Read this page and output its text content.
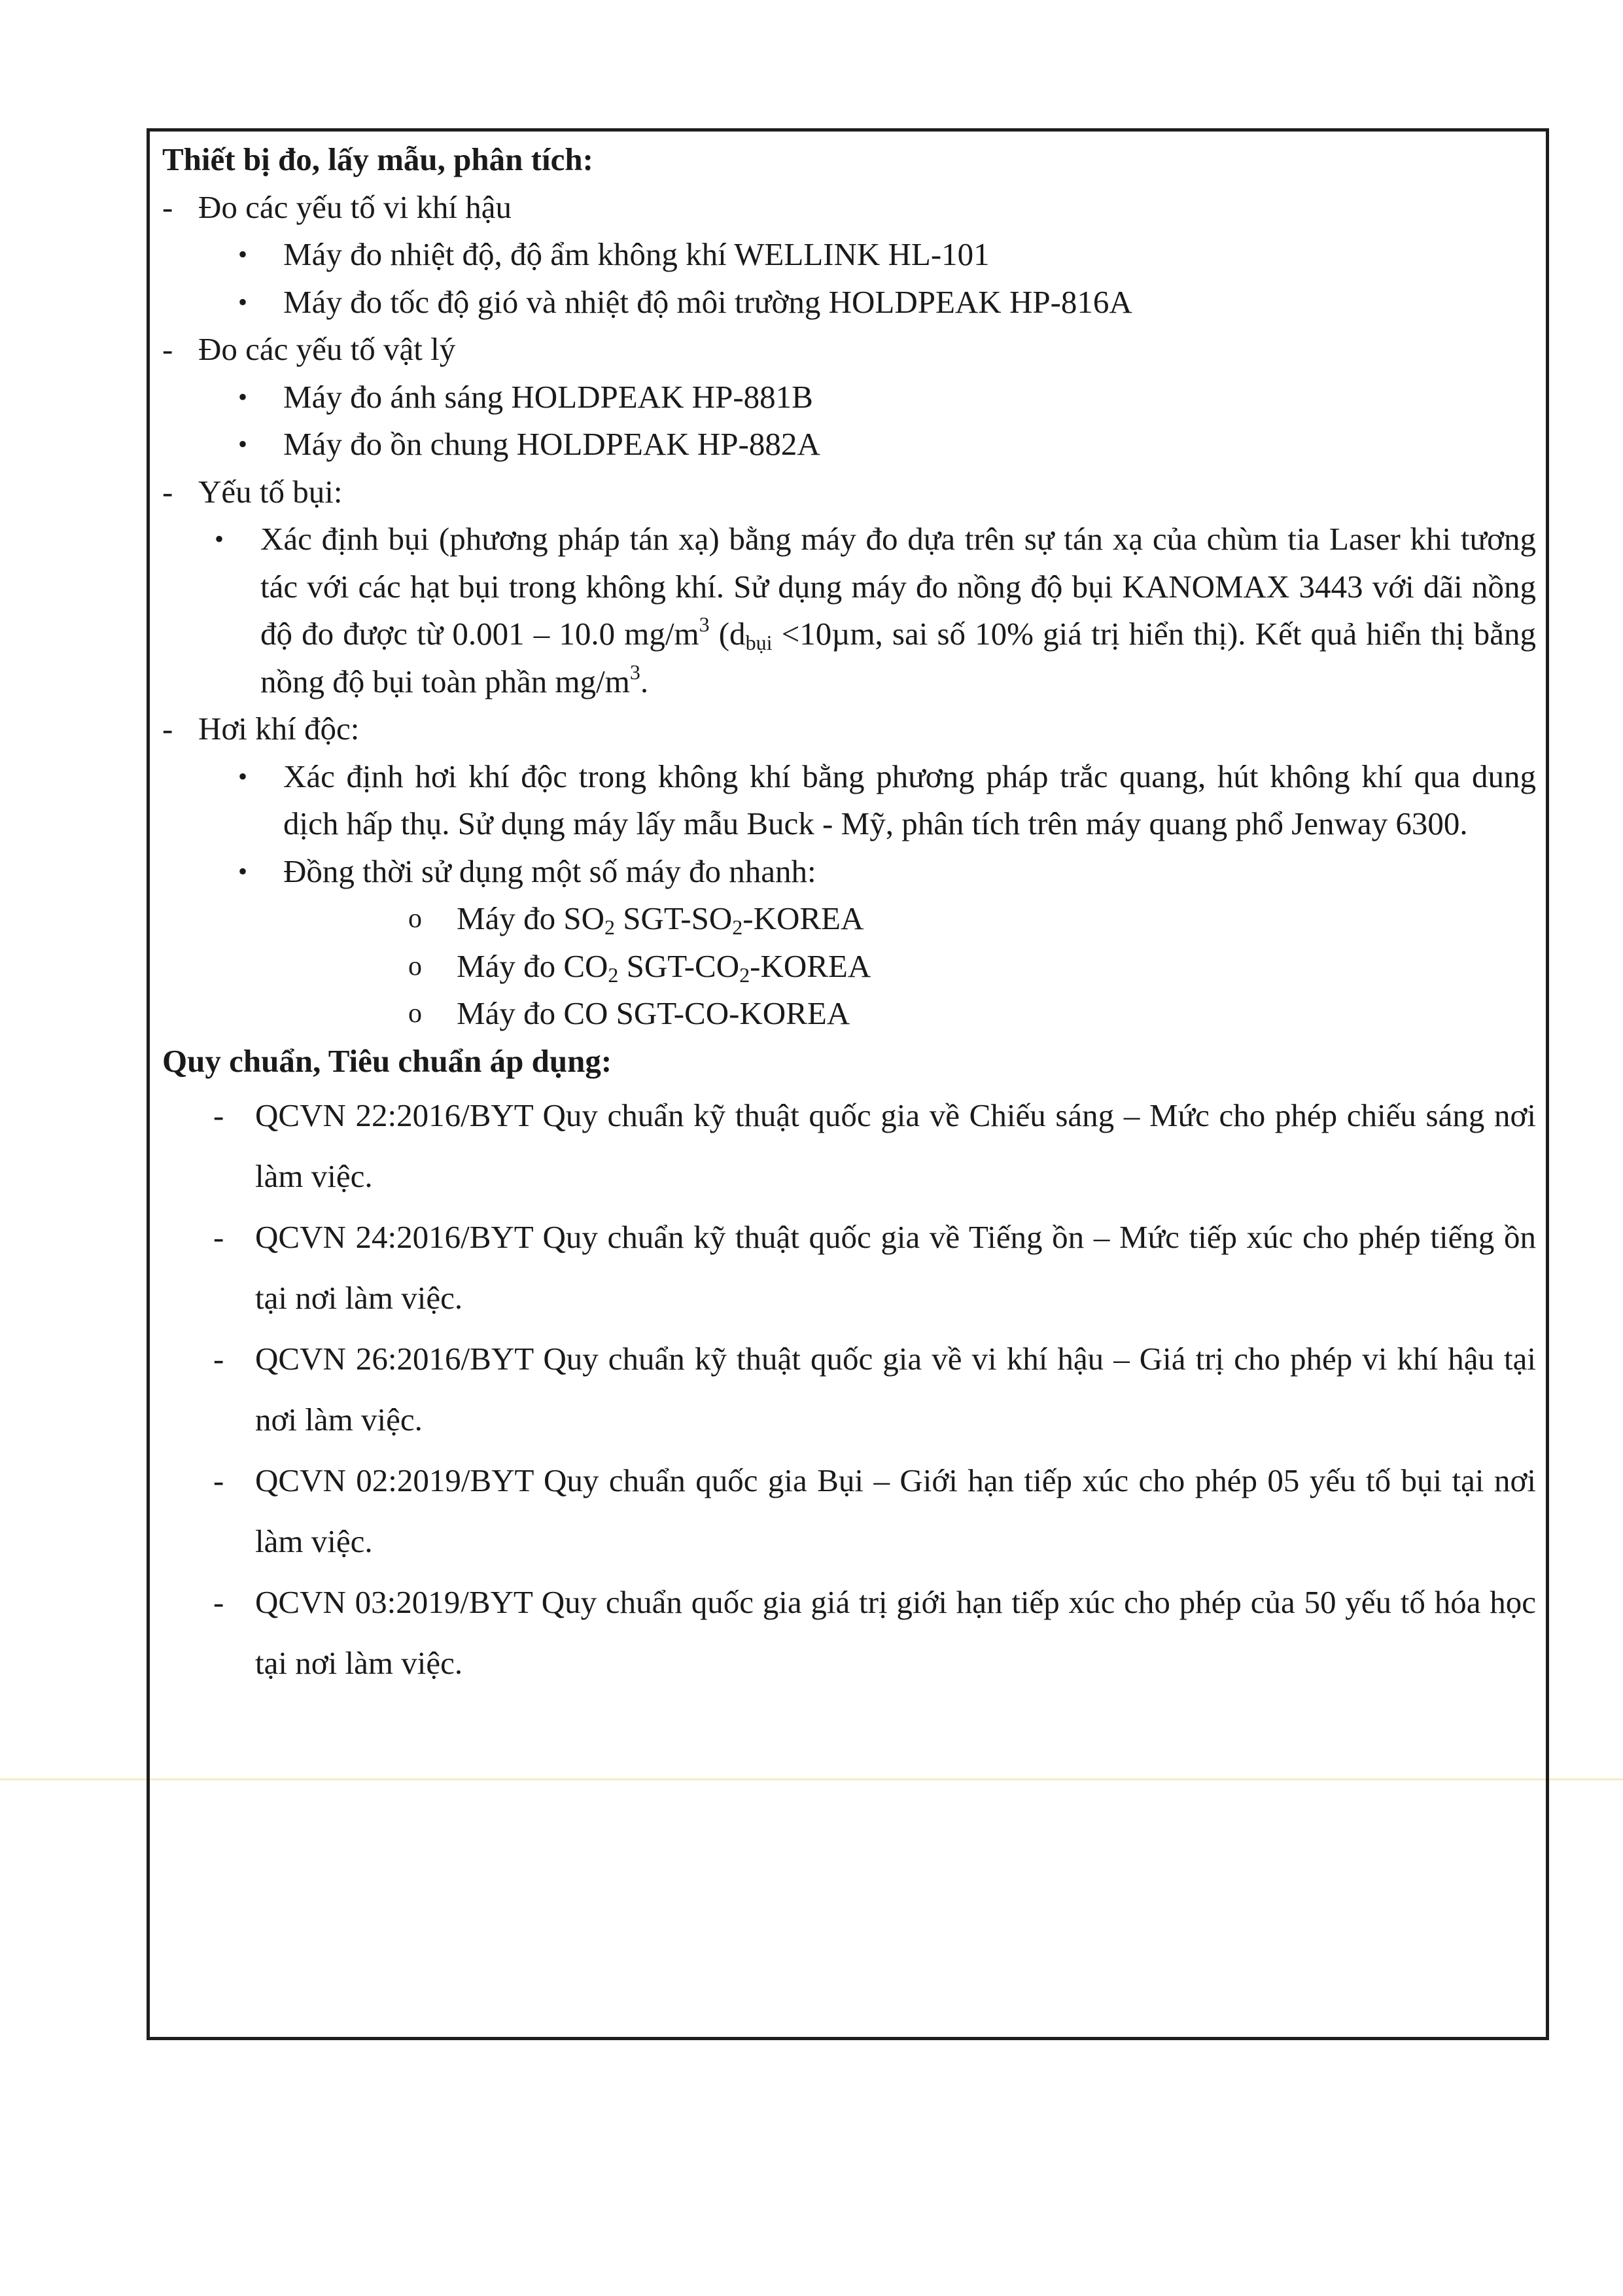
Thiết bị đo, lấy mẫu, phân tích:
- Đo các yếu tố vi khí hậu
• Máy đo nhiệt độ, độ ẩm không khí WELLINK HL-101
• Máy đo tốc độ gió và nhiệt độ môi trường HOLDPEAK HP-816A
- Đo các yếu tố vật lý
• Máy đo ánh sáng HOLDPEAK HP-881B
• Máy đo ồn chung HOLDPEAK HP-882A
- Yếu tố bụi:
• Xác định bụi (phương pháp tán xạ) bằng máy đo dựa trên sự tán xạ của chùm tia Laser khi tương tác với các hạt bụi trong không khí. Sử dụng máy đo nồng độ bụi KANOMAX 3443 với dãi nồng độ đo được từ 0.001 – 10.0 $mg/m^3$ ($d_{bụi} <10\mu m$, sai số 10% giá trị hiển thị). Kết quả hiển thị bằng nồng độ bụi toàn phần $mg/m^3$.
- Hơi khí độc:
• Xác định hơi khí độc trong không khí bằng phương pháp trắc quang, hút không khí qua dung dịch hấp thụ. Sử dụng máy lấy mẫu Buck - Mỹ, phân tích trên máy quang phổ Jenway 6300.
• Đồng thời sử dụng một số máy đo nhanh:
o Máy đo $SO_2$ SGT-$SO_2$-KOREA
o Máy đo $CO_2$ SGT-$CO_2$-KOREA
o Máy đo CO SGT-CO-KOREA
Quy chuẩn, Tiêu chuẩn áp dụng:
- QCVN 22:2016/BYT Quy chuẩn kỹ thuật quốc gia về Chiếu sáng – Mức cho phép chiếu sáng nơi làm việc.
- QCVN 24:2016/BYT Quy chuẩn kỹ thuật quốc gia về Tiếng ồn – Mức tiếp xúc cho phép tiếng ồn tại nơi làm việc.
- QCVN 26:2016/BYT Quy chuẩn kỹ thuật quốc gia về vi khí hậu – Giá trị cho phép vi khí hậu tại nơi làm việc.
- QCVN 02:2019/BYT Quy chuẩn quốc gia Bụi – Giới hạn tiếp xúc cho phép 05 yếu tố bụi tại nơi làm việc.
- QCVN 03:2019/BYT Quy chuẩn quốc gia giá trị giới hạn tiếp xúc cho phép của 50 yếu tố hóa học tại nơi làm việc.
